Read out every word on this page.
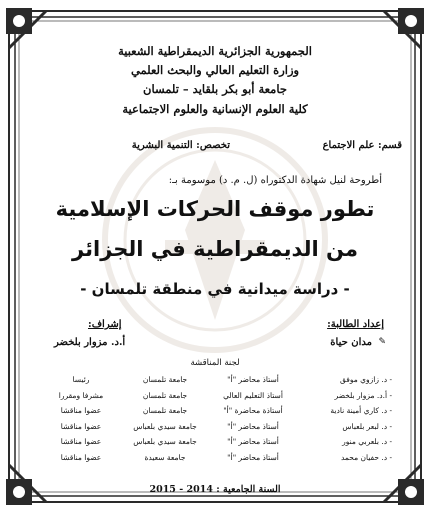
الجمهورية الجزائرية الديمقراطية الشعبية
وزارة التعليم العالي والبحث العلمي
جامعة أبو بكر بلقايد – تلمسان
كلية العلوم الإنسانية والعلوم الاجتماعية
قسم: علم الاجتماع
تخصص: التنمية البشرية
أطروحة لنيل شهادة الدكتوراه (ل. م. د) موسومة بـ:
تطور موقف الحركات الإسلامية
من الديمقراطية في الجزائر
- دراسة ميدانية في منطقة تلمسان -
إعداد الطالبة:
مدان حياة ✎
إشراف:
أ.د. مزوار بلخضر
لجنة المناقشة
- د. زازوي موفق
أستاذ محاضر "أ"
جامعة تلمسان
رئيسا
- أ.د. مزوار بلخضر
أستاذ التعليم العالي
جامعة تلمسان
مشرفا ومقررا
- د. كاري أمينة نادية
أستاذة محاضرة "أ"
جامعة تلمسان
عضوا مناقشا
- د. لبعر بلعباس
أستاذ محاضر "أ"
جامعة سيدي بلعباس
عضوا مناقشا
- د. بلعربي منور
أستاذ محاضر "أ"
جامعة سيدي بلعباس
عضوا مناقشا
- د. حفيان محمد
أستاذ محاضر "أ"
جامعة سعيدة
عضوا مناقشا
السنة الجامعية : 2014 - 2015
